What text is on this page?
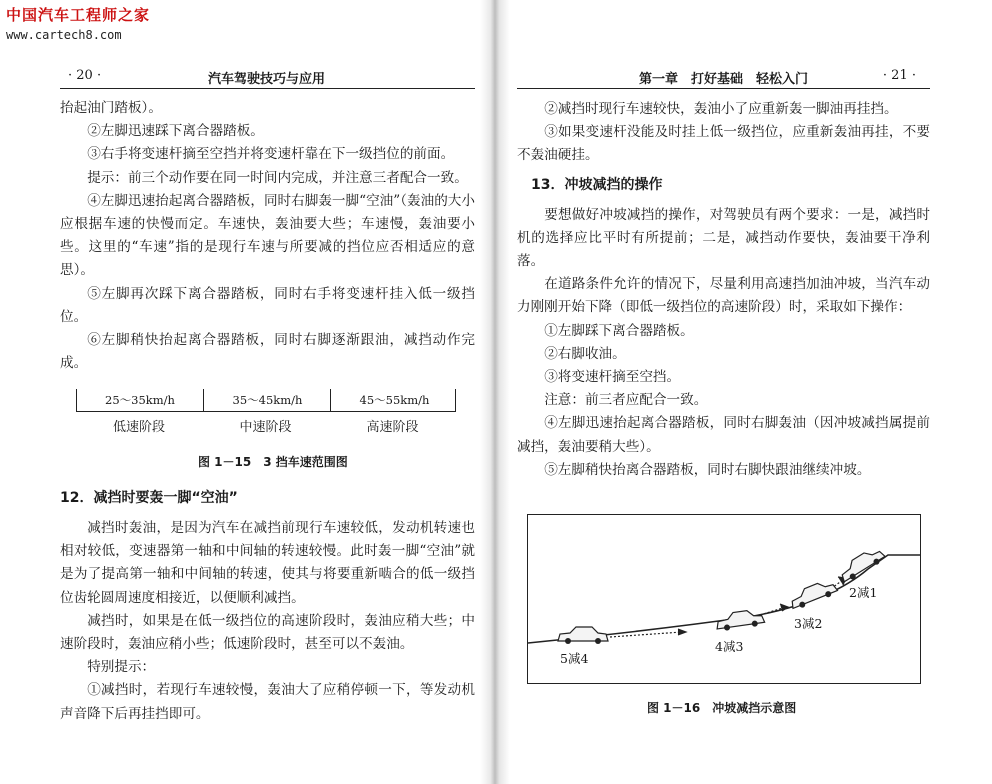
中国汽车工程师之家
www.cartech8.com
· 20 ·	汽车驾驶技巧与应用

抬起油门踏板）。

②左脚迅速踩下离合器踏板。

③右手将变速杆摘至空挡并将变速杆靠在下一级挡位的前面。

提示：前三个动作要在同一时间内完成，并注意三者配合一致。

④左脚迅速抬起离合器踏板，同时右脚轰一脚“空油”（轰油的大小应根据车速的快慢而定。车速快，轰油要大些；车速慢，轰油要小些。这里的“车速”指的是现行车速与所要减的挡位应否相适应的意思）。

⑤左脚再次踩下离合器踏板，同时右手将变速杆挂入低一级挡位。

⑥左脚稍快抬起离合器踏板，同时右脚逐渐跟油，减挡动作完成。

25～35km/h	35～45km/h	45～55km/h
低速阶段	中速阶段	高速阶段
图 1－15　3 挡车速范围图
12．减挡时要轰一脚“空油”

减挡时轰油，是因为汽车在减挡前现行车速较低，发动机转速也相对较低，变速器第一轴和中间轴的转速较慢。此时轰一脚“空油”就是为了提高第一轴和中间轴的转速，使其与将要重新啮合的低一级挡位齿轮圆周速度相接近，以便顺利减挡。

减挡时，如果是在低一级挡位的高速阶段时，轰油应稍大些；中速阶段时，轰油应稍小些；低速阶段时，甚至可以不轰油。

特别提示：

①减挡时，若现行车速较慢，轰油大了应稍停顿一下，等发动机声音降下后再挂挡即可。

第一章　打好基础　轻松入门	· 21 ·

②减挡时现行车速较快，轰油小了应重新轰一脚油再挂挡。

③如果变速杆没能及时挂上低一级挡位，应重新轰油再挂，不要不轰油硬挂。

13．冲坡减挡的操作

要想做好冲坡减挡的操作，对驾驶员有两个要求：一是，减挡时机的选择应比平时有所提前；二是，减挡动作要快，轰油要干净利落。

在道路条件允许的情况下，尽量利用高速挡加油冲坡，当汽车动力刚刚开始下降（即低一级挡位的高速阶段）时，采取如下操作：

①左脚踩下离合器踏板。

②右脚收油。

③将变速杆摘至空挡。

注意：前三者应配合一致。

④左脚迅速抬起离合器踏板，同时右脚轰油（因冲坡减挡属提前减挡，轰油要稍大些）。

⑤左脚稍快抬离合器踏板，同时右脚快跟油继续冲坡。

2减1
3减2
4减3
5减4
图 1－16　冲坡减挡示意图
